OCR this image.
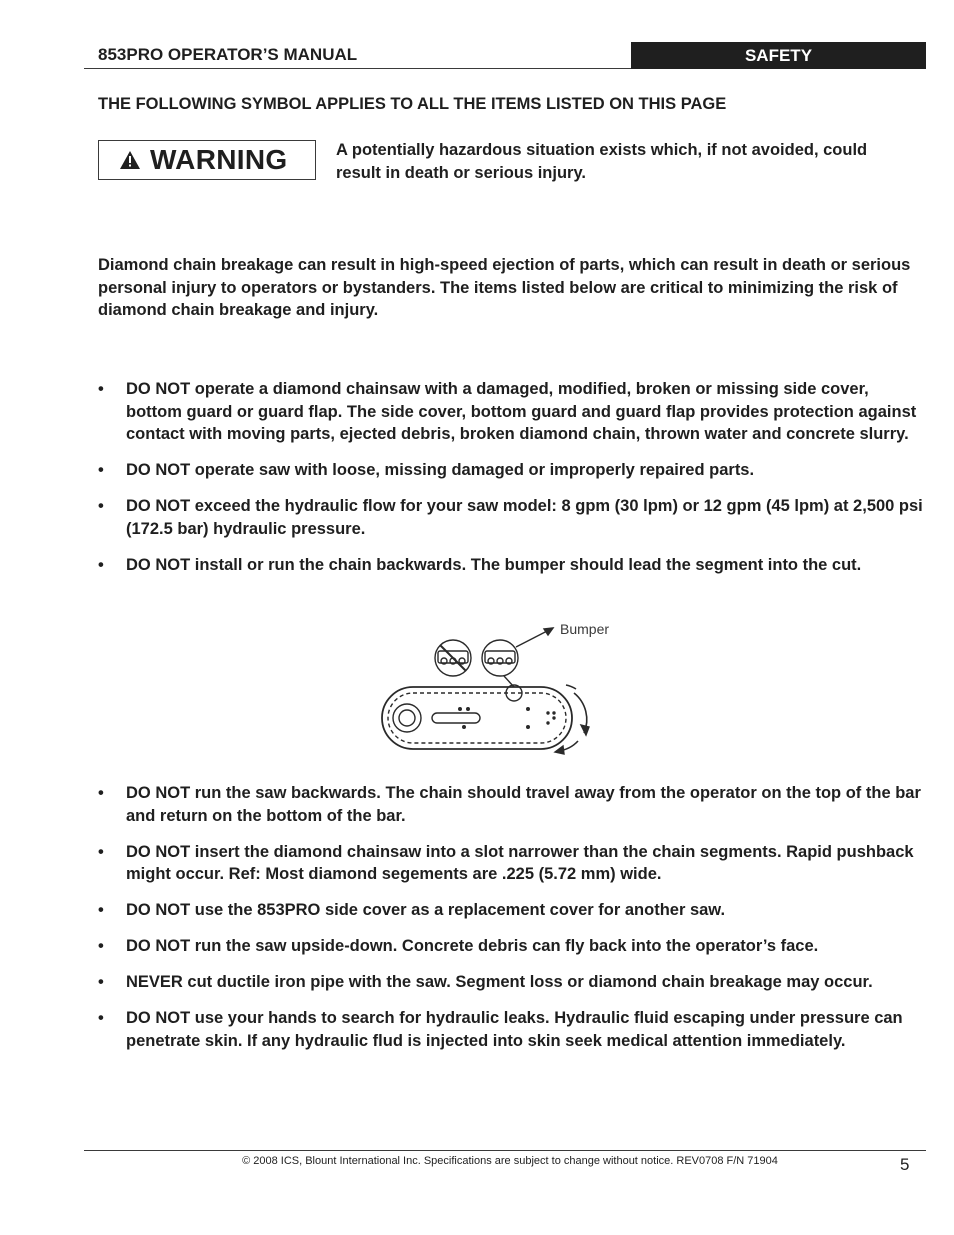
853PRO OPERATOR’S MANUAL	SAFETY
THE FOLLOWING SYMBOL APPLIES TO ALL THE ITEMS LISTED ON THIS PAGE
WARNING	A potentially hazardous situation exists which, if not avoided, could result in death or serious injury.
Diamond chain breakage can result in high-speed ejection of parts, which can result in death or serious personal injury to operators or bystanders. The items listed below are critical to minimizing the risk of diamond chain breakage and injury.
• DO NOT operate a diamond chainsaw with a damaged, modified, broken or missing side cover, bottom guard or guard flap. The side cover, bottom guard and guard flap provides protection against contact with moving parts, ejected debris, broken diamond chain, thrown water and concrete slurry.
• DO NOT operate saw with loose, missing damaged or improperly repaired parts.
• DO NOT exceed the hydraulic flow for your saw model: 8 gpm (30 lpm) or 12 gpm (45 lpm) at 2,500 psi (172.5 bar) hydraulic pressure.
• DO NOT install or run the chain backwards. The bumper should lead the segment into the cut.
Bumper
• DO NOT run the saw backwards. The chain should travel away from the operator on the top of the bar and return on the bottom of the bar.
• DO NOT insert the diamond chainsaw into a slot narrower than the chain segments. Rapid pushback might occur. Ref: Most diamond segements are .225 (5.72 mm) wide.
• DO NOT use the 853PRO side cover as a replacement cover for another saw.
• DO NOT run the saw upside-down. Concrete debris can fly back into the operator’s face.
• NEVER cut ductile iron pipe with the saw. Segment loss or diamond chain breakage may occur.
• DO NOT use your hands to search for hydraulic leaks. Hydraulic fluid escaping under pressure can penetrate skin. If any hydraulic flud is injected into skin seek medical attention immediately.
© 2008 ICS, Blount International Inc. Specifications are subject to change without notice. REV0708 F/N 71904	5
